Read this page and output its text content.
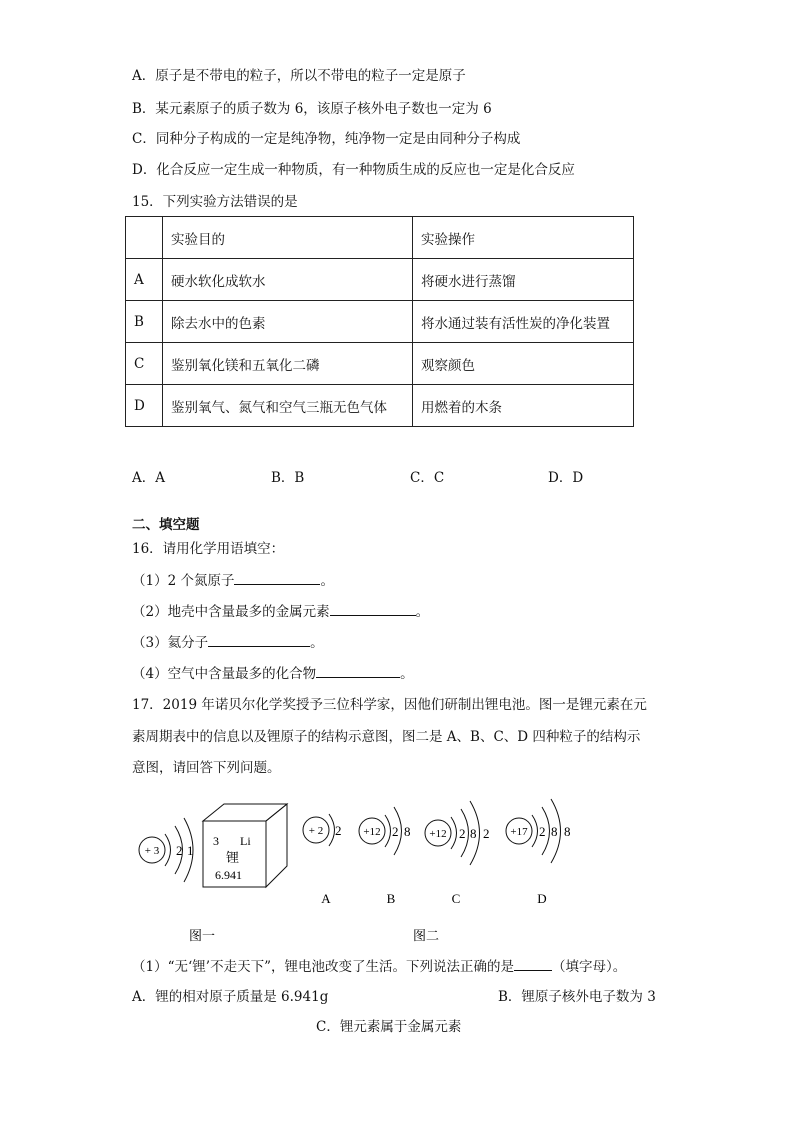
A．原子是不带电的粒子，所以不带电的粒子一定是原子
B．某元素原子的质子数为 6，该原子核外电子数也一定为 6
C．同种分子构成的一定是纯净物，纯净物一定是由同种分子构成
D．化合反应一定生成一种物质，有一种物质生成的反应也一定是化合反应
15．下列实验方法错误的是
	实验目的	实验操作
A	硬水软化成软水	将硬水进行蒸馏
B	除去水中的色素	将水通过装有活性炭的净化装置
C	鉴别氧化镁和五氧化二磷	观察颜色
D	鉴别氧气、氮气和空气三瓶无色气体	用燃着的木条
A．A	B．B	C．C	D．D
二、填空题
16．请用化学用语填空：
（1）2 个氮原子	。
（2）地壳中含量最多的金属元素	。
（3）氦分子	。
（4）空气中含量最多的化合物	。
17．2019 年诺贝尔化学奖授予三位科学家，因他们研制出锂电池。图一是锂元素在元
素周期表中的信息以及锂原子的结构示意图，图二是 A、B、C、D 四种粒子的结构示
意图，请回答下列问题。
+ 3 2 1
3 Li
锂
6.941
+ 2 2
A
+12 2 8
B
+12 2 8 2
C
+17 2 8 8
D
图一	图二
（1）“无‘锂’不走天下”，锂电池改变了生活。下列说法正确的是	（填字母）。
A．锂的相对原子质量是 6.941g	B．锂原子核外电子数为 3
C．锂元素属于金属元素
